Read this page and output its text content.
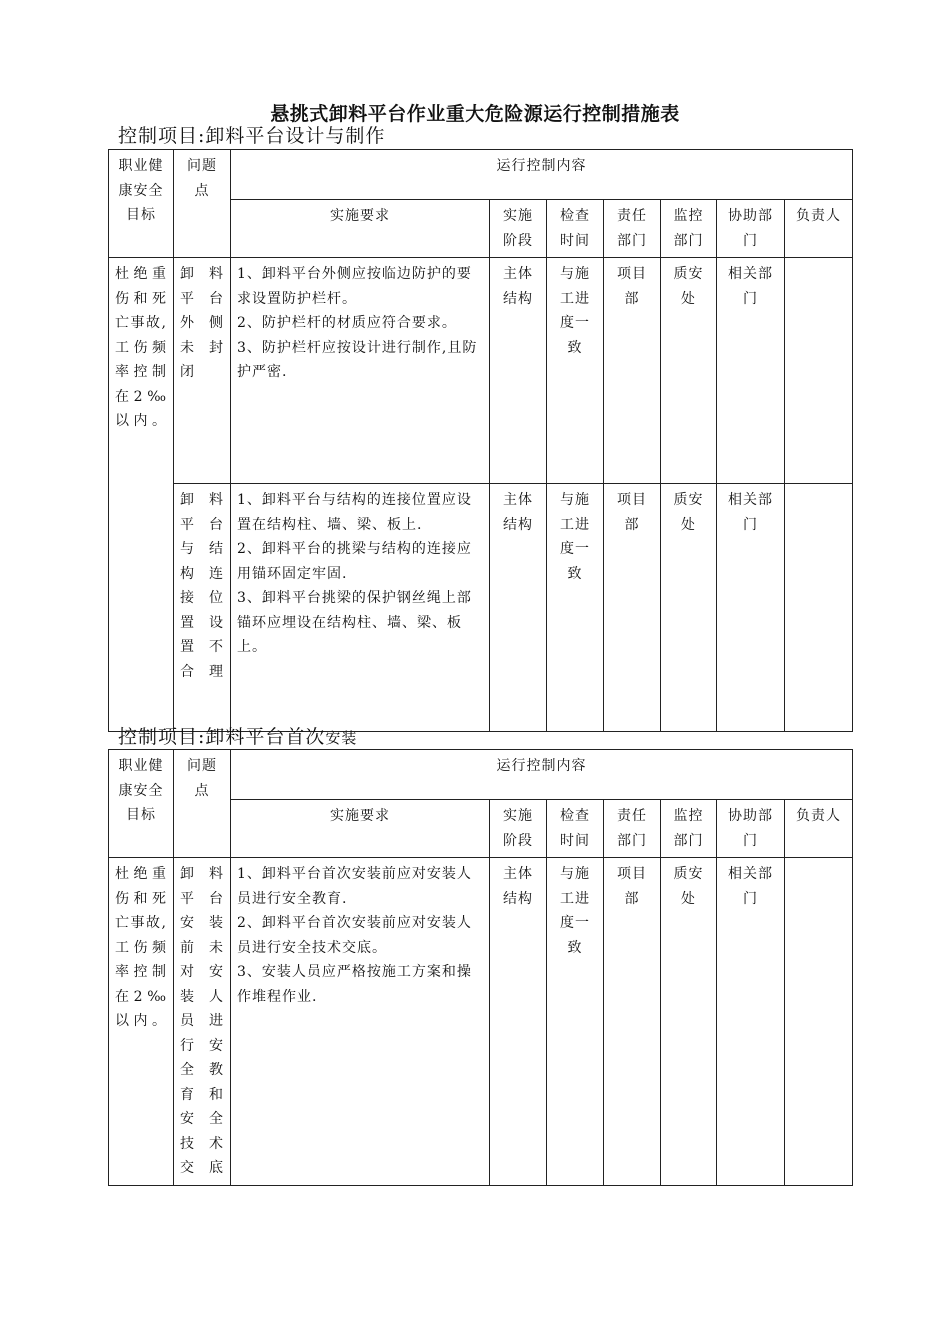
悬挑式卸料平台作业重大危险源运行控制措施表
控制项目:卸料平台设计与制作
职业健康安全目标	问题点	运行控制内容						
		实施要求	实施阶段	检查时间	责任部门	监控部门	协助部门	负责人
杜绝重伤和死亡事故,工伤频率控制在2‰以内。	卸料平台外侧未封闭	1、卸料平台外侧应按临边防护的要求设置防护栏杆。
2、防护栏杆的材质应符合要求。
3、防护栏杆应按设计进行制作,且防护严密.	主体结构	与施工进度一致	项目部	质安处	相关部门	
	卸料平台与结构连接位置设置不合理	1、卸料平台与结构的连接位置应设置在结构柱、墙、梁、板上.
2、卸料平台的挑梁与结构的连接应用锚环固定牢固.
3、卸料平台挑梁的保护钢丝绳上部锚环应埋设在结构柱、墙、梁、板上。	主体结构	与施工进度一致	项目部	质安处	相关部门	
控制项目:卸料平台首次安装
职业健康安全目标	问题点	运行控制内容						
		实施要求	实施阶段	检查时间	责任部门	监控部门	协助部门	负责人
杜绝重伤和死亡事故,工伤频率控制在2‰以内。	卸料平台安装前未对安装人员进行安全教育和安全技术交底	1、卸料平台首次安装前应对安装人员进行安全教育.
2、卸料平台首次安装前应对安装人员进行安全技术交底。
3、安装人员应严格按施工方案和操作堆程作业.	主体结构	与施工进度一致	项目部	质安处	相关部门	
